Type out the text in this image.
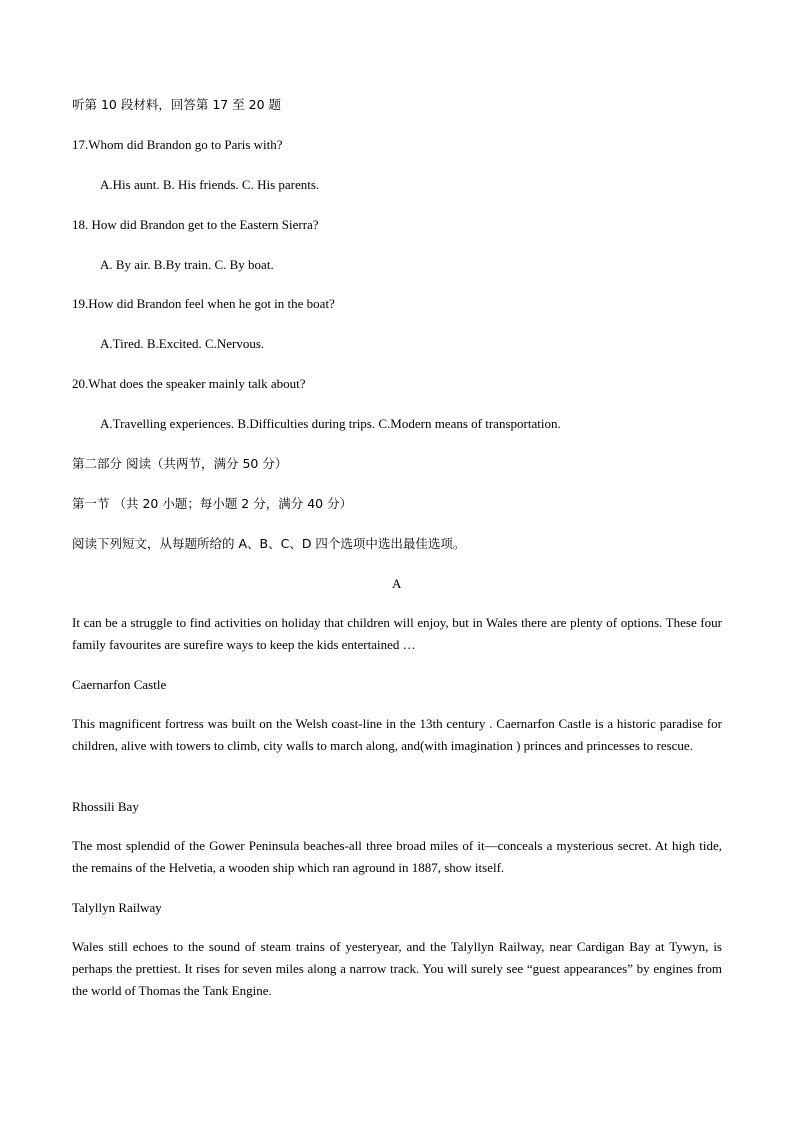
听第 10 段材料，回答第 17 至 20 题
17.Whom did Brandon go to Paris with?
A.His aunt. B. His friends. C. His parents.
18. How did Brandon get to the Eastern Sierra?
A. By air. B.By train. C. By boat.
19.How did Brandon feel when he got in the boat?
A.Tired. B.Excited. C.Nervous.
20.What does the speaker mainly talk about?
A.Travelling experiences. B.Difficulties during trips. C.Modern means of transportation.
第二部分 阅读（共两节，满分 50 分）
第一节 （共 20 小题；每小题 2 分，满分 40 分）
阅读下列短文，从每题所给的 A、B、C、D 四个选项中选出最佳选项。
A
It can be a struggle to find activities on holiday that children will enjoy, but in Wales there are plenty of options. These four family favourites are surefire ways to keep the kids entertained …
Caernarfon Castle
This magnificent fortress was built on the Welsh coast-line in the 13th century . Caernarfon Castle is a historic paradise for children, alive with towers to climb, city walls to march along, and(with imagination ) princes and princesses to rescue.
Rhossili Bay
The most splendid of the Gower Peninsula beaches-all three broad miles of it—conceals a mysterious secret. At high tide, the remains of the Helvetia, a wooden ship which ran aground in 1887, show itself.
Talyllyn Railway
Wales still echoes to the sound of steam trains of yesteryear, and the Talyllyn Railway, near Cardigan Bay at Tywyn, is perhaps the prettiest. It rises for seven miles along a narrow track. You will surely see “guest appearances” by engines from the world of Thomas the Tank Engine.
